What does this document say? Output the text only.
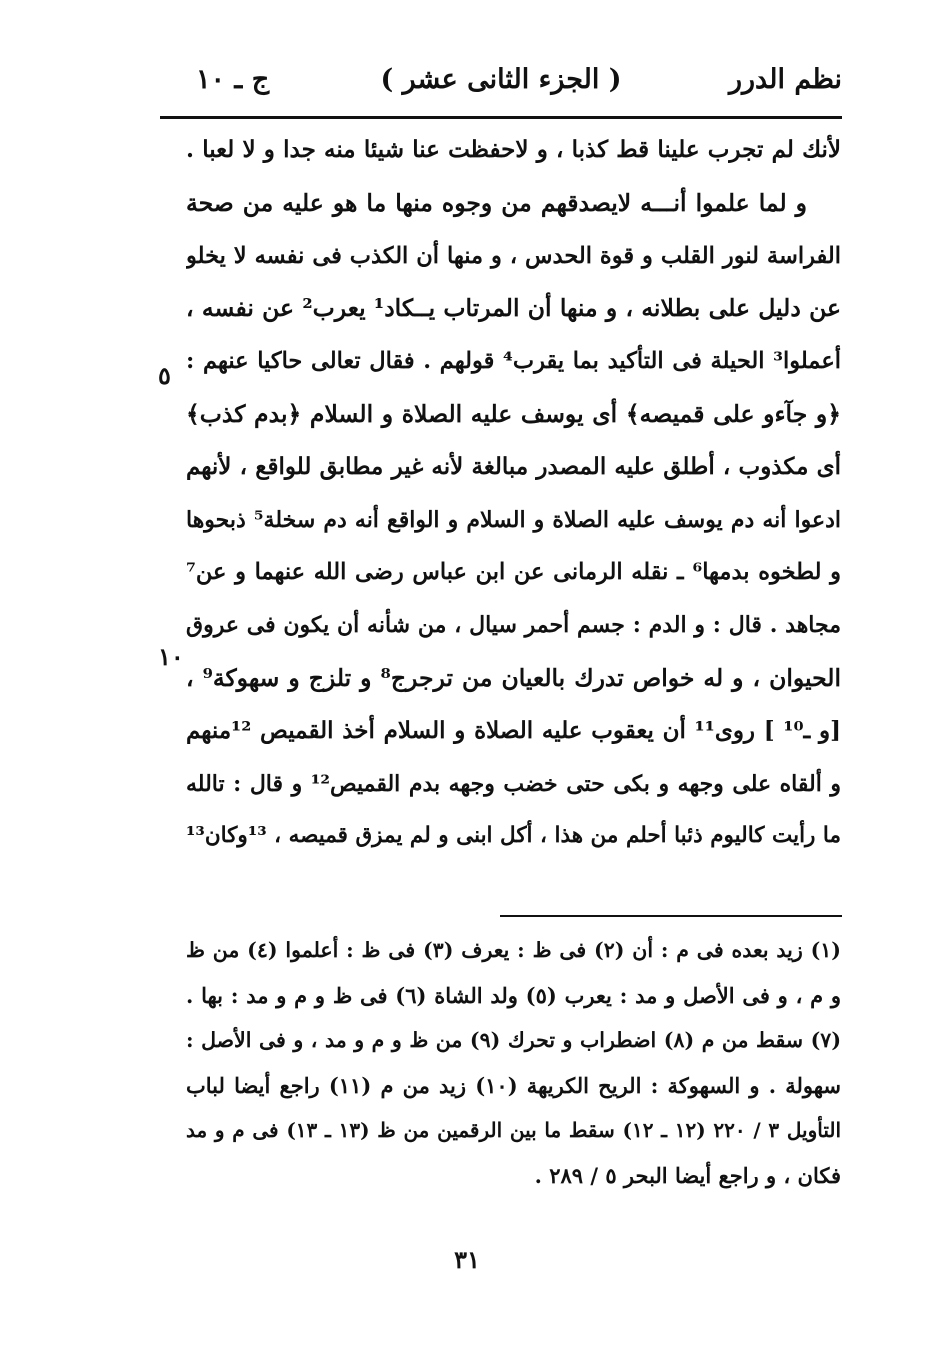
نظم الدرر
( الجزء الثانى عشر )
ج ـ ١٠
لأنك لم تجرب علينا قط كذبا ، و لاحفظت عنا شيئا منه جدا و لا لعبا .
و لما علموا أنـــه لايصدقهم من وجوه منها ما هو عليه من صحة
الفراسة لنور القلب و قوة الحدس ، و منها أن الكذب فى نفسه لا يخلو
عن دليل على بطلانه ، و منها أن المرتاب يــكاد¹ يعرب² عن نفسه ،
أعملوا³ الحيلة فى التأكيد بما يقرب⁴ قولهم . فقال تعالى حاكيا عنهم :
﴿و جآءو على قميصه﴾ أى يوسف عليه الصلاة و السلام ﴿بدم كذب﴾
أى مكذوب ، أطلق عليه المصدر مبالغة لأنه غير مطابق للواقع ، لأنهم
ادعوا أنه دم يوسف عليه الصلاة و السلام و الواقع أنه دم سخلة⁵ ذبحوها
و لطخوه بدمها⁶ ـ نقله الرمانى عن ابن عباس رضى الله عنهما و عن⁷
مجاهد . قال : و الدم : جسم أحمر سيال ، من شأنه أن يكون فى عروق
الحيوان ، و له خواص تدرك بالعيان من ترجرج⁸ و تلزج و سهوكة⁹ ،
[و ـ¹⁰ ] روى¹¹ أن يعقوب عليه الصلاة و السلام أخذ القميص ¹²منهم
و ألقاه على وجهه و بكى حتى خضب وجهه بدم القميص¹² و قال : تالله
ما رأيت كاليوم ذئبا أحلم من هذا ، أكل ابنى و لم يمزق قميصه ، ¹³وكان¹³
٥
١٠
(١) زيد بعده فى م : أن (٢) فى ظ : يعرف (٣) فى ظ : أعلموا (٤) من ظ
و م ، و فى الأصل و مد : يعرب (٥) ولد الشاة (٦) فى ظ و م و مد : بها .
(٧) سقط من م (٨) اضطراب و تحرك (٩) من ظ و م و مد ، و فى الأصل :
سهولة . و السهوكة : الريح الكريهة (١٠) زيد من م (١١) راجع أيضا لباب
التأويل ٣ / ٢٢٠ (١٢ ـ ١٢) سقط ما بين الرقمين من ظ (١٣ ـ ١٣) فى م و مد
فكان ، و راجع أيضا البحر ٥ / ٢٨٩ .
٣١
